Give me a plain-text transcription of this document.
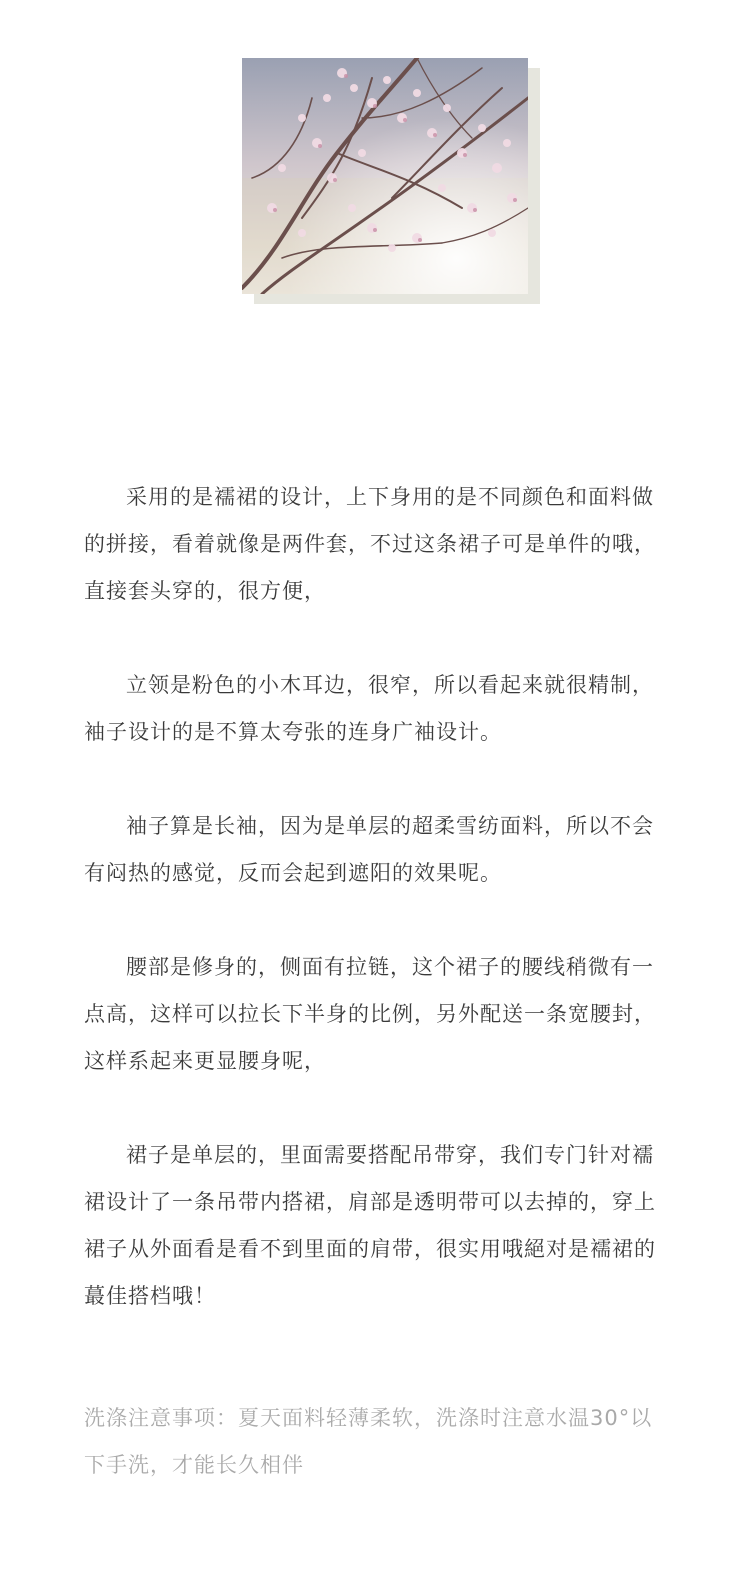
采用的是襦裙的设计，上下身用的是不同颜色和面料做的拼接，看着就像是两件套，不过这条裙子可是单件的哦，直接套头穿的，很方便，

立领是粉色的小木耳边，很窄，所以看起来就很精制，袖子设计的是不算太夸张的连身广袖设计。

袖子算是长袖，因为是单层的超柔雪纺面料，所以不会有闷热的感觉，反而会起到遮阳的效果呢。

腰部是修身的，侧面有拉链，这个裙子的腰线稍微有一点高，这样可以拉长下半身的比例，另外配送一条宽腰封，这样系起来更显腰身呢，

裙子是单层的，里面需要搭配吊带穿，我们专门针对襦裙设计了一条吊带内搭裙，肩部是透明带可以去掉的，穿上裙子从外面看是看不到里面的肩带，很实用哦絕对是襦裙的蕞佳搭档哦！

洗涤注意事项：夏天面料轻薄柔软，洗涤时注意水温30°以下手洗，才能长久相伴
